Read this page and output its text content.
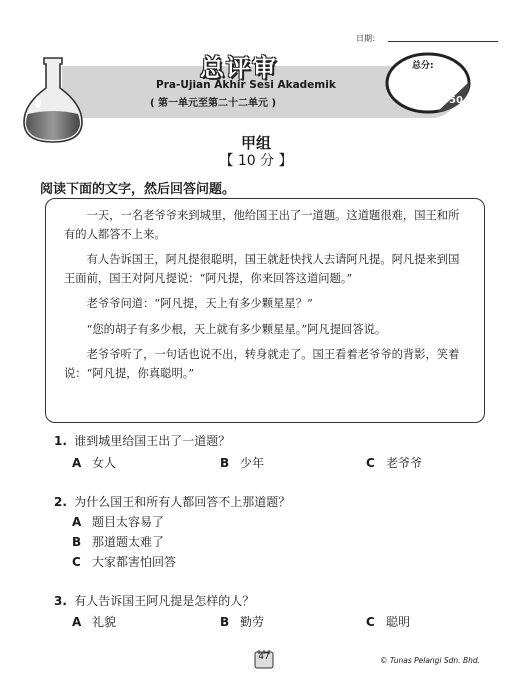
日期：
总评审
Pra-Ujian Akhir Sesi Akademik
( 第一单元至第二十二单元 )
总分:
50
甲组
【 10 分 】
阅读下面的文字，然后回答问题。

一天，一名老爷爷来到城里，他给国王出了一道题。这道题很难，国王和所有的人都答不上来。

有人告诉国王，阿凡提很聪明，国王就赶快找人去请阿凡提。阿凡提来到国王面前，国王对阿凡提说：“阿凡提，你来回答这道问题。”

老爷爷问道：“阿凡提，天上有多少颗星星？”

“您的胡子有多少根，天上就有多少颗星星。”阿凡提回答说。

老爷爷听了，一句话也说不出，转身就走了。国王看着老爷爷的背影，笑着说：“阿凡提，你真聪明。”

1. 谁到城里给国王出了一道题？
A 女人	B 少年	C 老爷爷
2. 为什么国王和所有人都回答不上那道题？
A 题目太容易了
B 那道题太难了
C 大家都害怕回答
3. 有人告诉国王阿凡提是怎样的人？
A 礼貌	B 勤劳	C 聪明
47	© Tunas Pelangi Sdn. Bhd.
